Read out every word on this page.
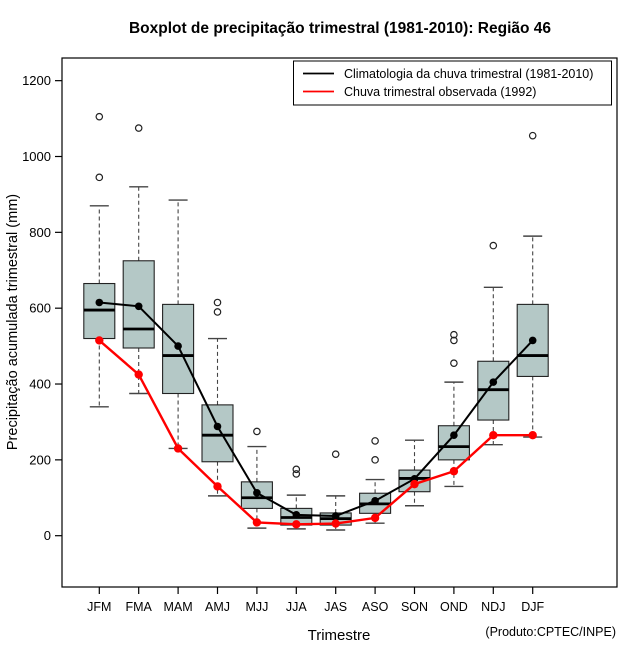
Boxplot de precipitação trimestral (1981-2010): Região 46
0
200
400
600
800
1000
1200
JFM FMA MAM AMJ MJJ JJA JAS ASO SON OND NDJ DJF
Precipitação acumulada trimestral (mm)
Trimestre	(Produto:CPTEC/INPE)
Climatologia da chuva trimestral (1981-2010)
Chuva trimestral observada (1992)
